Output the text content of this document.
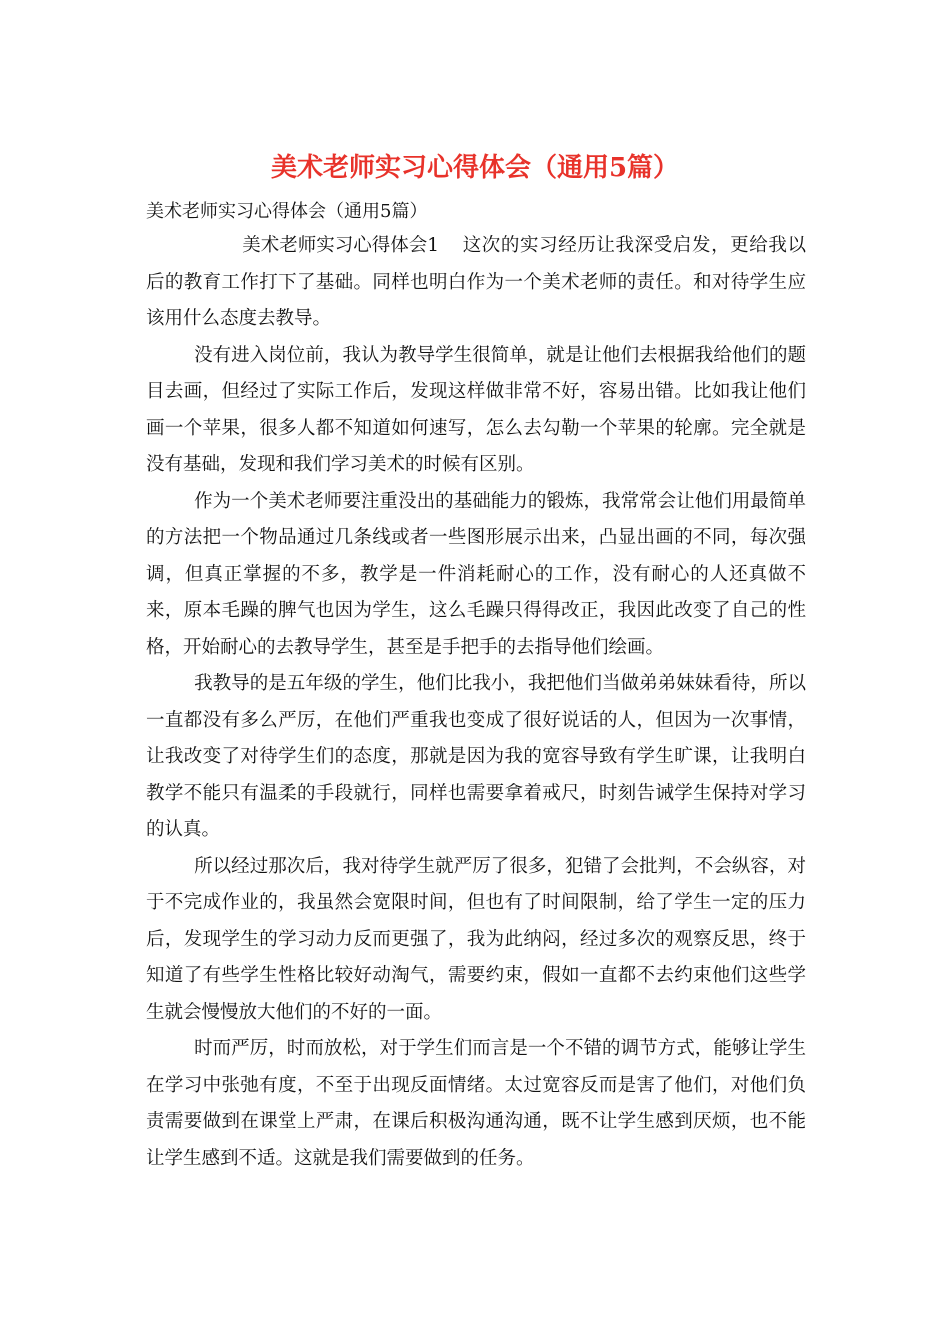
美术老师实习心得体会（通用5篇）
美术老师实习心得体会（通用5篇）

美术老师实习心得体会1 这次的实习经历让我深受启发，更给我以后的教育工作打下了基础。同样也明白作为一个美术老师的责任。和对待学生应该用什么态度去教导。

没有进入岗位前，我认为教导学生很简单，就是让他们去根据我给他们的题目去画，但经过了实际工作后，发现这样做非常不好，容易出错。比如我让他们画一个苹果，很多人都不知道如何速写，怎么去勾勒一个苹果的轮廓。完全就是没有基础，发现和我们学习美术的时候有区别。

作为一个美术老师要注重没出的基础能力的锻炼，我常常会让他们用最简单的方法把一个物品通过几条线或者一些图形展示出来，凸显出画的不同，每次强调，但真正掌握的不多，教学是一件消耗耐心的工作，没有耐心的人还真做不来，原本毛躁的脾气也因为学生，这么毛躁只得得改正，我因此改变了自己的性格，开始耐心的去教导学生，甚至是手把手的去指导他们绘画。

我教导的是五年级的学生，他们比我小，我把他们当做弟弟妹妹看待，所以一直都没有多么严厉，在他们严重我也变成了很好说话的人，但因为一次事情，让我改变了对待学生们的态度，那就是因为我的宽容导致有学生旷课，让我明白教学不能只有温柔的手段就行，同样也需要拿着戒尺，时刻告诫学生保持对学习的认真。

所以经过那次后，我对待学生就严厉了很多，犯错了会批判，不会纵容，对于不完成作业的，我虽然会宽限时间，但也有了时间限制，给了学生一定的压力后，发现学生的学习动力反而更强了，我为此纳闷，经过多次的观察反思，终于知道了有些学生性格比较好动淘气，需要约束，假如一直都不去约束他们这些学生就会慢慢放大他们的不好的一面。

时而严厉，时而放松，对于学生们而言是一个不错的调节方式，能够让学生在学习中张弛有度，不至于出现反面情绪。太过宽容反而是害了他们，对他们负责需要做到在课堂上严肃，在课后积极沟通沟通，既不让学生感到厌烦，也不能让学生感到不适。这就是我们需要做到的任务。
